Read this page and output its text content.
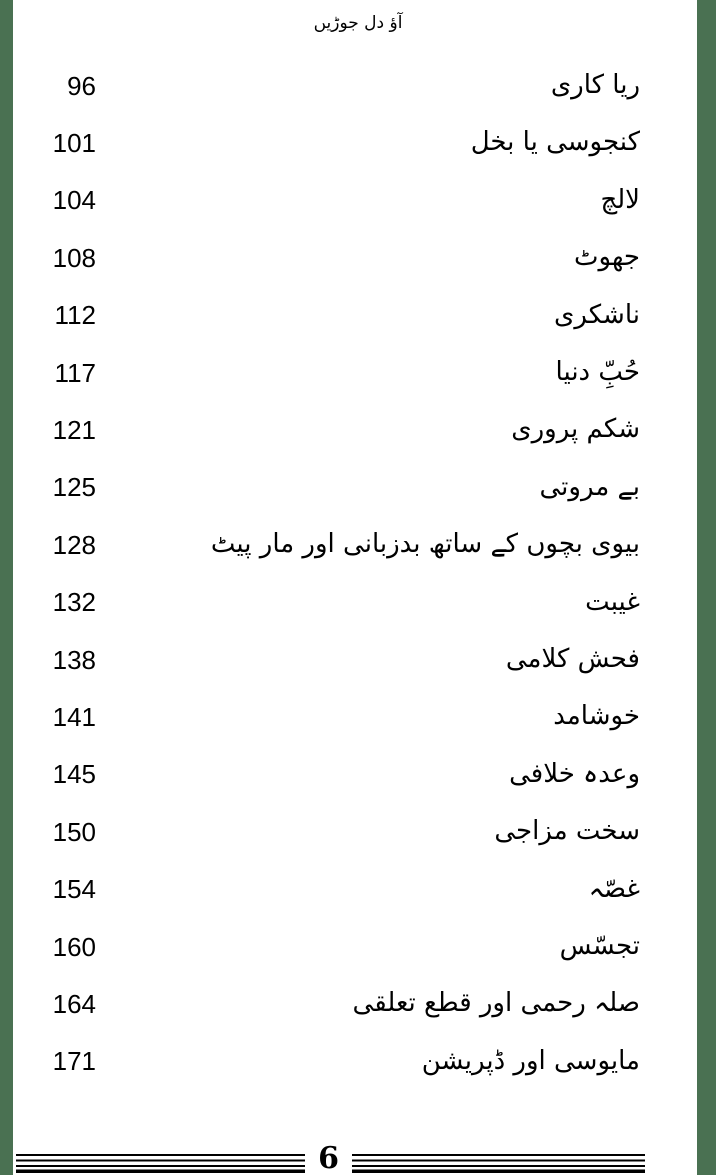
آؤ دل جوڑیں
96	ریا کاری
101	کنجوسی یا بخل
104	لالچ
108	جھوٹ
112	ناشکری
117	حُبِّ دنیا
121	شکم پروری
125	بے مروتی
128	بیوی بچوں کے ساتھ بدزبانی اور مار پیٹ
132	غیبت
138	فحش کلامی
141	خوشامد
145	وعدہ خلافی
150	سخت مزاجی
154	غصّہ
160	تجسّس
164	صلہ رحمی اور قطع تعلقی
171	مایوسی اور ڈپریشن
6
